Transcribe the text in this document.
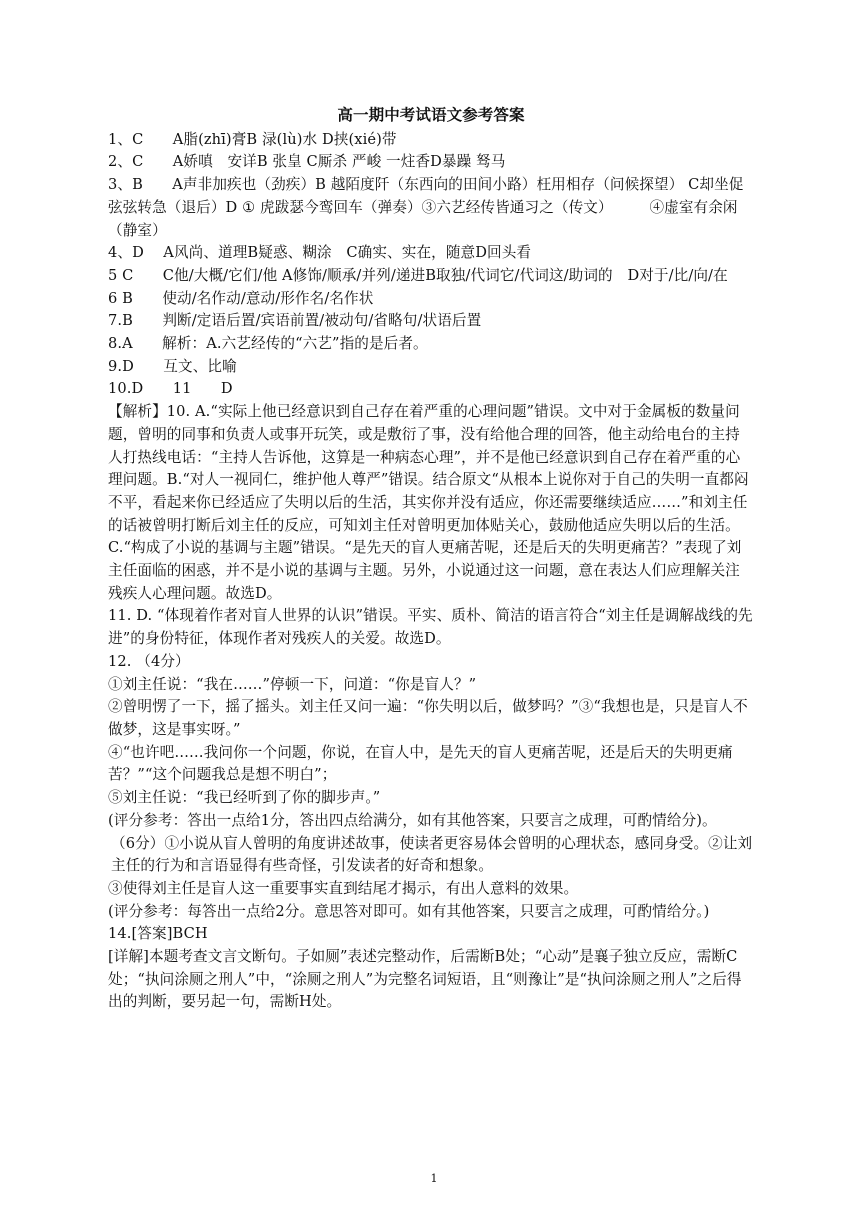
高一期中考试语文参考答案
1、C　　A脂(zhī)膏B 渌(lù)水 D挟(xié)带
2、C　　A娇嗔　安详B 张皇 C厮杀 严峻 一炷香D暴躁 驽马
3、B　　A声非加疾也（劲疾）B 越陌度阡（东西向的田间小路）枉用相存（问候探望） C却坐促弦弦转急（退后）D ① 虎跋瑟今鸾回车（弹奏）③六艺经传皆通习之（传文）　　　④虚室有余闲（静室）
4、D　 A风尚、道理B疑惑、糊涂　C确实、实在，随意D回头看
5 C　　C他/大概/它们/他 A修饰/顺承/并列/递进B取独/代词它/代词这/助词的　D对于/比/向/在
6 B　　使动/名作动/意动/形作名/名作状
7.B　　判断/定语后置/宾语前置/被动句/省略句/状语后置
8.A　　解析：A.六艺经传的“六艺”指的是后者。
9.D　　互文、比喻
10.D　　11　　D
【解析】10. A.“实际上他已经意识到自己存在着严重的心理问题”错误。文中对于金属板的数量问题，曾明的同事和负责人或事开玩笑，或是敷衍了事，没有给他合理的回答，他主动给电台的主持人打热线电话：“主持人告诉他，这算是一种病态心理”，并不是他已经意识到自己存在着严重的心理问题。B.“对人一视同仁，维护他人尊严”错误。结合原文“从根本上说你对于自己的失明一直都闷不平，看起来你已经适应了失明以后的生活，其实你并没有适应，你还需要继续适应……”和刘主任的话被曾明打断后刘主任的反应，可知刘主任对曾明更加体贴关心，鼓励他适应失明以后的生活。C.“构成了小说的基调与主题”错误。“是先天的盲人更痛苦呢，还是后天的失明更痛苦？”表现了刘主任面临的困惑，并不是小说的基调与主题。另外，小说通过这一问题，意在表达人们应理解关注残疾人心理问题。故选D。
11. D. “体现着作者对盲人世界的认识”错误。平实、质朴、简洁的语言符合“刘主任是调解战线的先进”的身份特征，体现作者对残疾人的关爱。故选D。
12. （4分）
①刘主任说：“我在……”停顿一下，问道：“你是盲人？”
②曾明愣了一下，摇了摇头。刘主任又问一遍：“你失明以后，做梦吗？”③“我想也是，只是盲人不做梦，这是事实呀。”
④“也许吧……我问你一个问题，你说，在盲人中，是先天的盲人更痛苦呢，还是后天的失明更痛苦？”“这个问题我总是想不明白”；
⑤刘主任说：“我已经听到了你的脚步声。”
(评分参考：答出一点给1分，答出四点给满分，如有其他答案，只要言之成理，可酌情给分)。
（6分）①小说从盲人曾明的角度讲述故事，使读者更容易体会曾明的心理状态，感同身受。②让刘主任的行为和言语显得有些奇怪，引发读者的好奇和想象。
③使得刘主任是盲人这一重要事实直到结尾才揭示，有出人意料的效果。
(评分参考：每答出一点给2分。意思答对即可。如有其他答案，只要言之成理，可酌情给分。)
14.[答案]BCH
[详解]本题考查文言文断句。子如厕”表述完整动作，后需断B处；“心动”是襄子独立反应，需断C处；“执问涂厕之刑人”中，“涂厕之刑人”为完整名词短语，且“则豫让”是“执问涂厕之刑人”之后得出的判断，要另起一句，需断H处。
1
